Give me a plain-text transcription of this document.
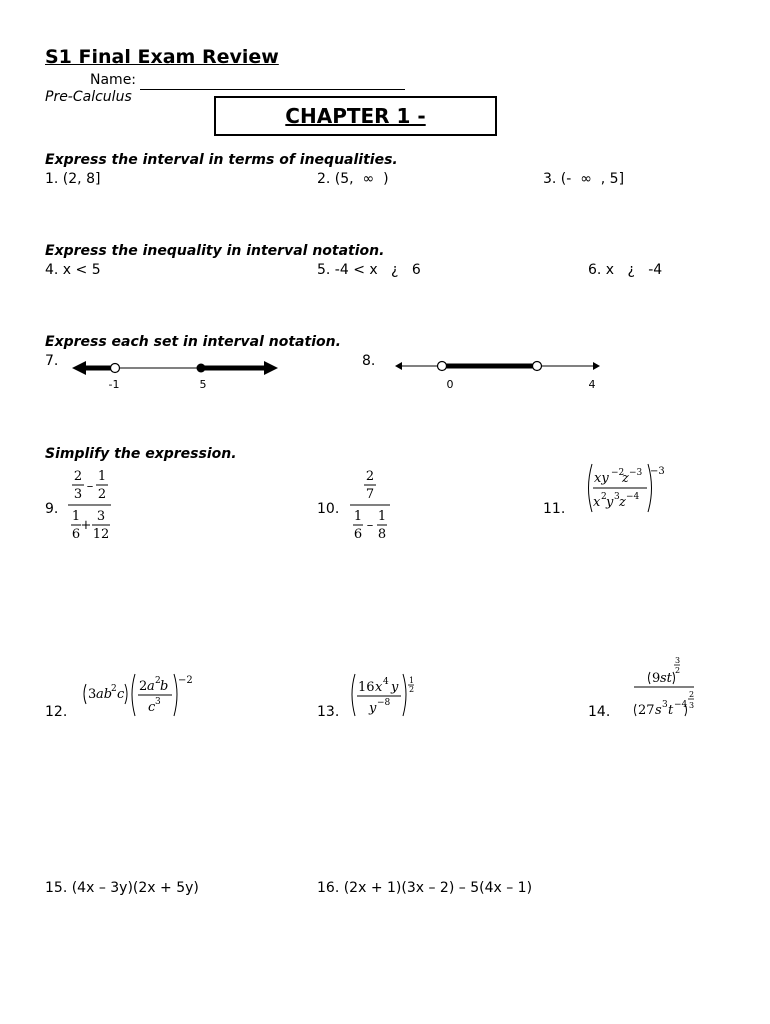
S1 Final Exam Review
Name:
Pre-Calculus
CHAPTER 1 -
Express the interval in terms of inequalities.
1. (2, 8]	2. (5,  ∞  )	3. (-  ∞  , 5]
Express the inequality in interval notation.
4. x < 5	5. -4 < x   ¿   6	6. x   ¿   -4
Express each set in interval notation.
7.	8.
-1	5	0	4
Simplify the expression.
9.
2
3
–
1
2
1
6
+
3
12
10.
2
7
1
6
–
1
8
11.
xy −2
z −3
x 2 y 3 z −4
−3
12.
3 ab
2 c
2 a 2 b
c 3
−2
13.
16 x 4 y
y −8
1
2
14.
9 st
3
2
27 s 3 t −4
2
3
15. (4x – 3y)(2x + 5y)	16. (2x + 1)(3x – 2) – 5(4x – 1)
